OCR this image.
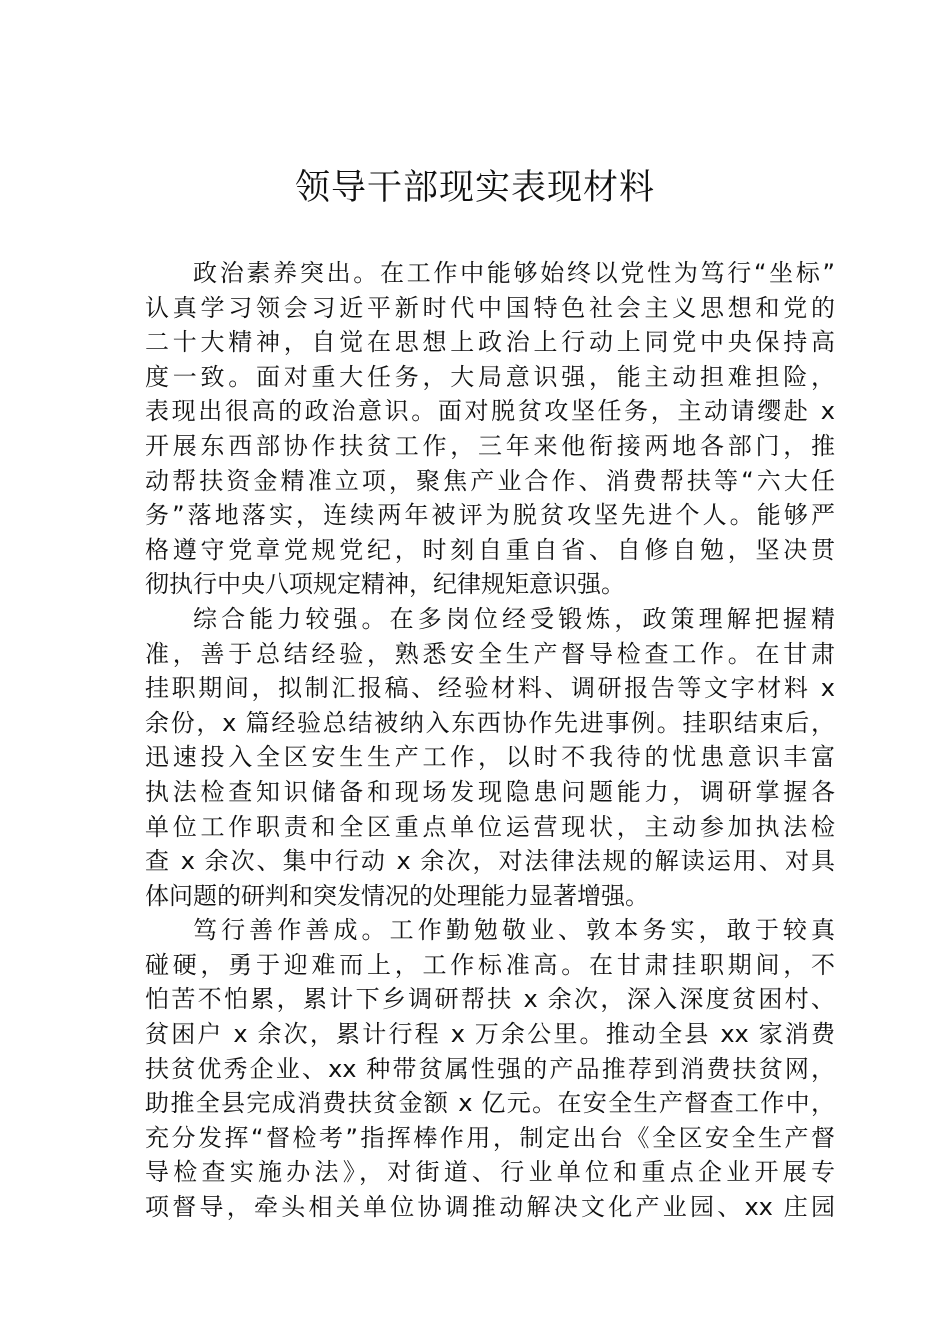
领导干部现实表现材料
政治素养突出。在工作中能够始终以党性为笃行“坐标”
认真学习领会习近平新时代中国特色社会主义思想和党的
二十大精神，自觉在思想上政治上行动上同党中央保持高
度一致。面对重大任务，大局意识强，能主动担难担险，
表现出很高的政治意识。面对脱贫攻坚任务，主动请缨赴 x
开展东西部协作扶贫工作，三年来他衔接两地各部门，推
动帮扶资金精准立项，聚焦产业合作、消费帮扶等“六大任
务”落地落实，连续两年被评为脱贫攻坚先进个人。能够严
格遵守党章党规党纪，时刻自重自省、自修自勉，坚决贯
彻执行中央八项规定精神，纪律规矩意识强。
综合能力较强。在多岗位经受锻炼，政策理解把握精
准，善于总结经验，熟悉安全生产督导检查工作。在甘肃
挂职期间，拟制汇报稿、经验材料、调研报告等文字材料 x
余份，x 篇经验总结被纳入东西协作先进事例。挂职结束后，
迅速投入全区安生生产工作，以时不我待的忧患意识丰富
执法检查知识储备和现场发现隐患问题能力，调研掌握各
单位工作职责和全区重点单位运营现状，主动参加执法检
查 x 余次、集中行动 x 余次，对法律法规的解读运用、对具
体问题的研判和突发情况的处理能力显著增强。
笃行善作善成。工作勤勉敬业、敦本务实，敢于较真
碰硬，勇于迎难而上，工作标准高。在甘肃挂职期间，不
怕苦不怕累，累计下乡调研帮扶 x 余次，深入深度贫困村、
贫困户 x 余次，累计行程 x 万余公里。推动全县 xx 家消费
扶贫优秀企业、xx 种带贫属性强的产品推荐到消费扶贫网，
助推全县完成消费扶贫金额 x 亿元。在安全生产督查工作中，
充分发挥“督检考”指挥棒作用，制定出台《全区安全生产督
导检查实施办法》，对街道、行业单位和重点企业开展专
项督导，牵头相关单位协调推动解决文化产业园、xx 庄园
